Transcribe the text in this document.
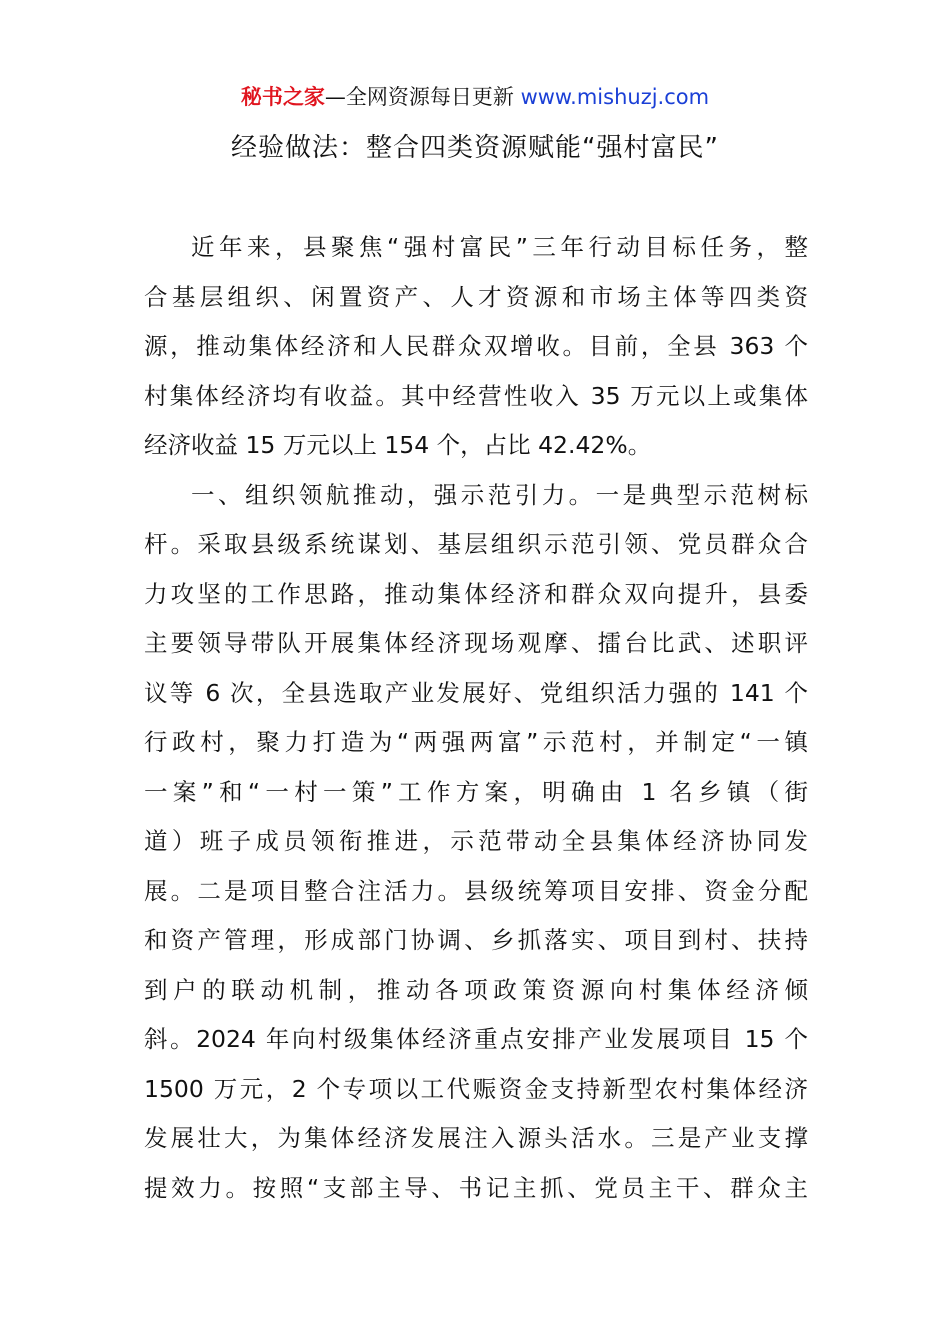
秘书之家—全网资源每日更新 www.mishuzj.com
经验做法：整合四类资源赋能“强村富民”
近年来，县聚焦“强村富民”三年行动目标任务，整
合基层组织、闲置资产、人才资源和市场主体等四类资
源，推动集体经济和人民群众双增收。目前，全县 363 个
村集体经济均有收益。其中经营性收入 35 万元以上或集体
经济收益 15 万元以上 154 个，占比 42.42%。
一、组织领航推动，强示范引力。一是典型示范树标
杆。采取县级系统谋划、基层组织示范引领、党员群众合
力攻坚的工作思路，推动集体经济和群众双向提升，县委
主要领导带队开展集体经济现场观摩、擂台比武、述职评
议等 6 次，全县选取产业发展好、党组织活力强的 141 个
行政村，聚力打造为“两强两富”示范村，并制定“一镇
一案”和“一村一策”工作方案，明确由 1 名乡镇（街
道）班子成员领衔推进，示范带动全县集体经济协同发
展。二是项目整合注活力。县级统筹项目安排、资金分配
和资产管理，形成部门协调、乡抓落实、项目到村、扶持
到户的联动机制，推动各项政策资源向村集体经济倾
斜。2024 年向村级集体经济重点安排产业发展项目 15 个
1500 万元，2 个专项以工代赈资金支持新型农村集体经济
发展壮大，为集体经济发展注入源头活水。三是产业支撑
提效力。按照“支部主导、书记主抓、党员主干、群众主
